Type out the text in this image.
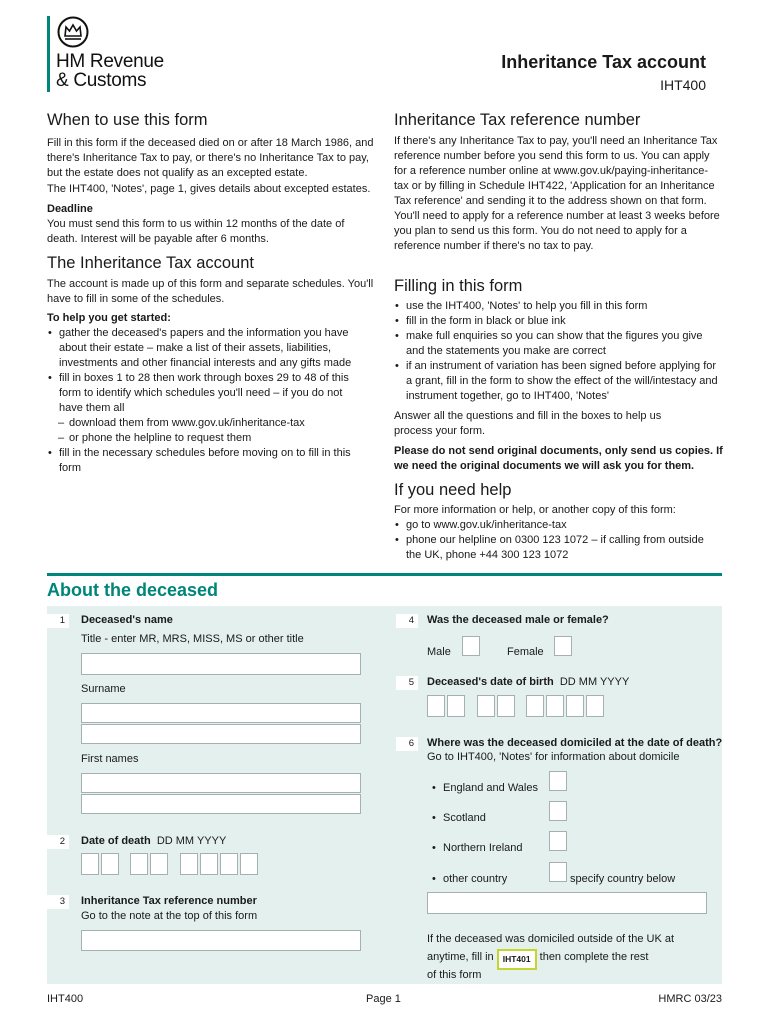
HM Revenue
& Customs
Inheritance Tax account
IHT400
When to use this form

Fill in this form if the deceased died on or after 18 March 1986, and there's Inheritance Tax to pay, or there's no Inheritance Tax to pay, but the estate does not qualify as an excepted estate.

The IHT400, 'Notes', page 1, gives details about excepted estates.

Deadline

You must send this form to us within 12 months of the date of death. Interest will be payable after 6 months.

The Inheritance Tax account

The account is made up of this form and separate schedules. You'll have to fill in some of the schedules.

To help you get started:

• gather the deceased's papers and the information you have about their estate – make a list of their assets, liabilities, investments and other financial interests and any gifts made
• fill in boxes 1 to 28 then work through boxes 29 to 48 of this form to identify which schedules you'll need – if you do not have them all
– download them from www.gov.uk/inheritance-tax
– or phone the helpline to request them
• fill in the necessary schedules before moving on to fill in this form
Inheritance Tax reference number

If there's any Inheritance Tax to pay, you'll need an Inheritance Tax reference number before you send this form to us. You can apply for a reference number online at www.gov.uk/paying-inheritance-tax or by filling in Schedule IHT422, 'Application for an Inheritance Tax reference' and sending it to the address shown on that form. You'll need to apply for a reference number at least 3 weeks before you plan to send us this form. You do not need to apply for a reference number if there's no tax to pay.

Filling in this form
• use the IHT400, 'Notes' to help you fill in this form
• fill in the form in black or blue ink
• make full enquiries so you can show that the figures you give and the statements you make are correct
• if an instrument of variation has been signed before applying for a grant, fill in the form to show the effect of the will/intestacy and instrument together, go to IHT400, 'Notes'

Answer all the questions and fill in the boxes to help us process your form.

Please do not send original documents, only send us copies. If we need the original documents we will ask you for them.

If you need help

For more information or help, or another copy of this form:

• go to www.gov.uk/inheritance-tax
• phone our helpline on 0300 123 1072 – if calling from outside the UK, phone +44 300 123 1072
About the deceased
1	Deceased's name
Title - enter MR, MRS, MISS, MS or other title
Surname
First names
2	Date of death DD MM YYYY
3	Inheritance Tax reference number
Go to the note at the top of this form
4	Was the deceased male or female?
Male	Female
5	Deceased's date of birth DD MM YYYY
6	Where was the deceased domiciled at the date of death?
Go to IHT400, 'Notes' for information about domicile
• England and Wales
• Scotland
• Northern Ireland
• other country	specify country below
If the deceased was domiciled outside of the UK at anytime, fill in IHT401 then complete the rest
of this form
IHT400	Page 1	HMRC 03/23
